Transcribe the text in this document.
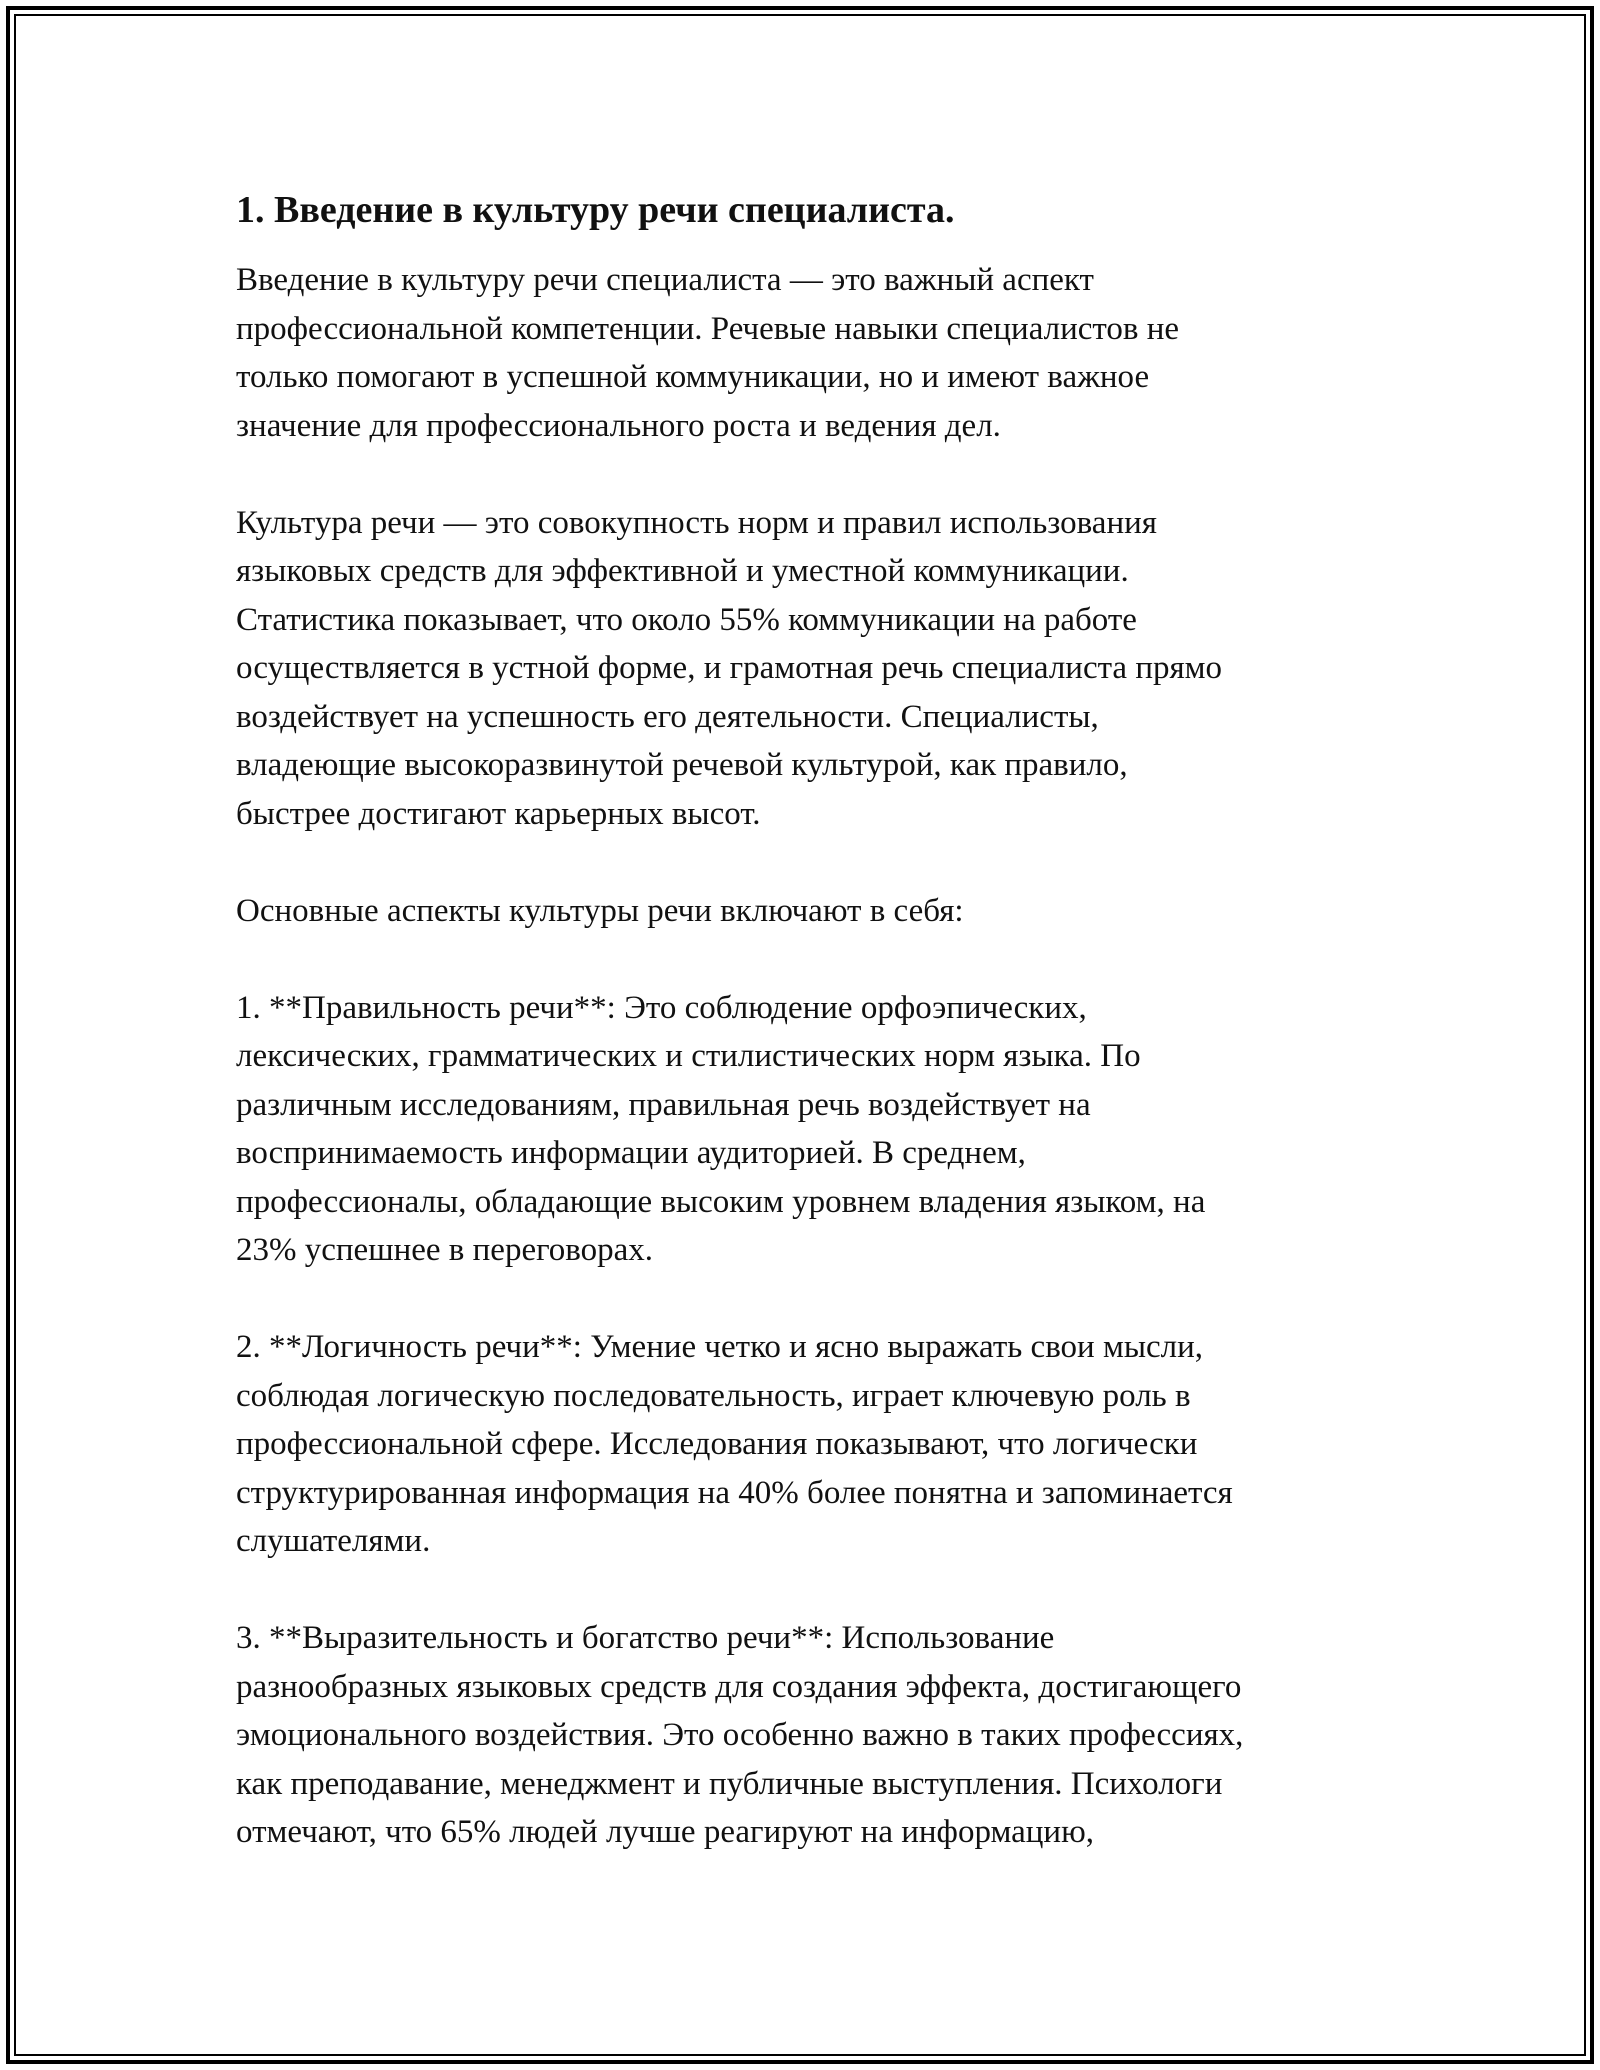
1. Введение в культуру речи специалиста.

Введение в культуру речи специалиста — это важный аспект
профессиональной компетенции. Речевые навыки специалистов не
только помогают в успешной коммуникации, но и имеют важное
значение для профессионального роста и ведения дел.

Культура речи — это совокупность норм и правил использования
языковых средств для эффективной и уместной коммуникации.
Статистика показывает, что около 55% коммуникации на работе
осуществляется в устной форме, и грамотная речь специалиста прямо
воздействует на успешность его деятельности. Специалисты,
владеющие высокоразвинутой речевой культурой, как правило,
быстрее достигают карьерных высот.

Основные аспекты культуры речи включают в себя:

1. **Правильность речи**: Это соблюдение орфоэпических,
лексических, грамматических и стилистических норм языка. По
различным исследованиям, правильная речь воздействует на
воспринимаемость информации аудиторией. В среднем,
профессионалы, обладающие высоким уровнем владения языком, на
23% успешнее в переговорах.

2. **Логичность речи**: Умение четко и ясно выражать свои мысли,
соблюдая логическую последовательность, играет ключевую роль в
профессиональной сфере. Исследования показывают, что логически
структурированная информация на 40% более понятна и запоминается
слушателями.

3. **Выразительность и богатство речи**: Использование
разнообразных языковых средств для создания эффекта, достигающего
эмоционального воздействия. Это особенно важно в таких профессиях,
как преподавание, менеджмент и публичные выступления. Психологи
отмечают, что 65% людей лучше реагируют на информацию,
